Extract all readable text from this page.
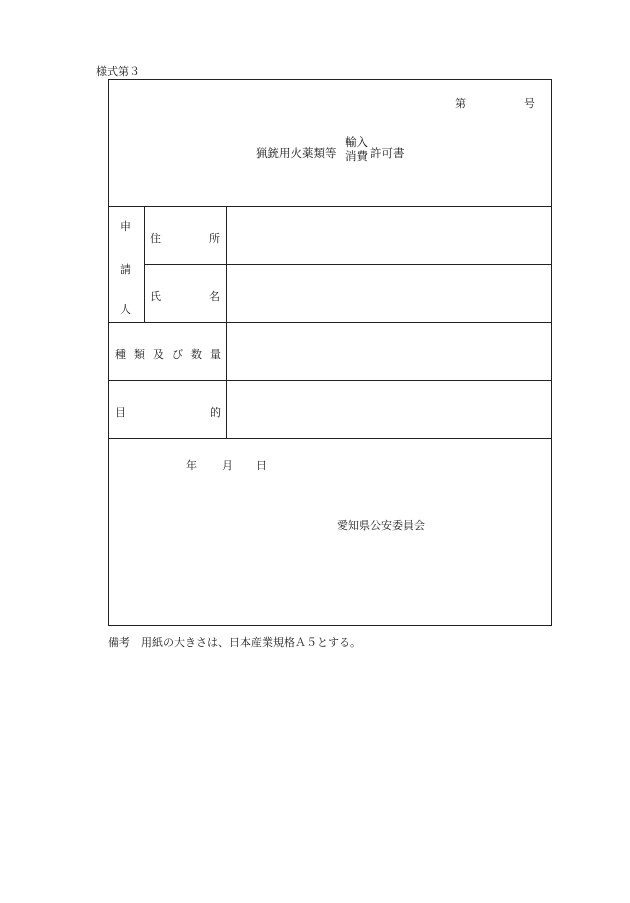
様式第３
第	号
猟銃用火薬類等
輸入
消費 許可書
申
請
人
住	所
氏	名
種 類 及 び 数 量
目	的
年 月 日
愛知県公安委員会
備考　用紙の大きさは、日本産業規格Ａ５とする。
